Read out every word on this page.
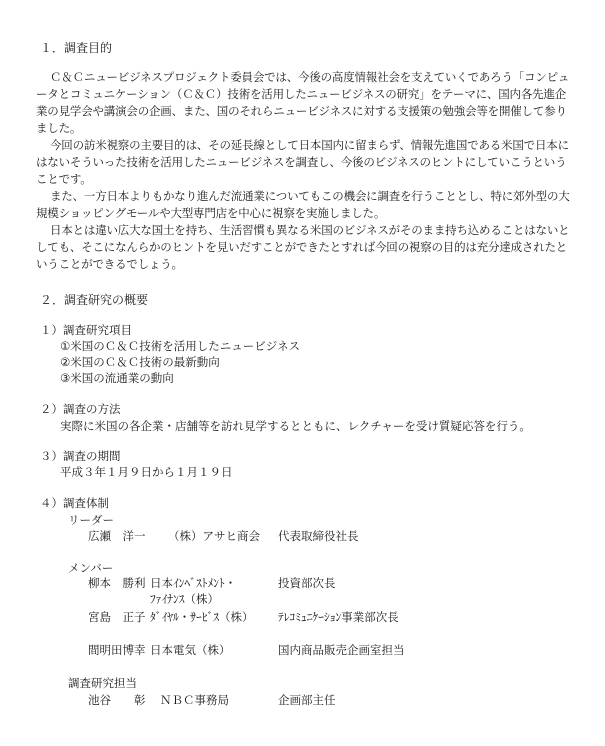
１．調査目的
Ｃ＆Ｃニュービジネスプロジェクト委員会では、今後の高度情報社会を支えていくであろう「コンピュータとコミュニケーション（Ｃ＆Ｃ）技術を活用したニュービジネスの研究」をテーマに、国内各先進企業の見学会や講演会の企画、また、国のそれらニュービジネスに対する支援策の勉強会等を開催して参りました。
今回の訪米視察の主要目的は、その延長線として日本国内に留まらず、情報先進国である米国で日本にはないそういった技術を活用したニュービジネスを調査し、今後のビジネスのヒントにしていこうということです。
また、一方日本よりもかなり進んだ流通業についてもこの機会に調査を行うこととし、特に郊外型の大規模ショッピングモールや大型専門店を中心に視察を実施しました。
日本とは違い広大な国土を持ち、生活習慣も異なる米国のビジネスがそのまま持ち込めることはないとしても、そこになんらかのヒントを見いだすことができたとすれば今回の視察の目的は充分達成されたということができるでしょう。
２．調査研究の概要
１）調査研究項目
①米国のＣ＆Ｃ技術を活用したニュービジネス
②米国のＣ＆Ｃ技術の最新動向
③米国の流通業の動向
２）調査の方法
実際に米国の各企業・店舗等を訪れ見学するとともに、レクチャーを受け質疑応答を行う。
３）調査の期間
平成３年１月９日から１月１９日
４）調査体制
リーダー
広瀬　洋一 （株）アサヒ商会 代表取締役社長
メンバー
柳本　勝利 日本ｲﾝﾍﾞｽﾄﾒﾝﾄ・	投資部次長
ﾌｧｲﾅﾝｽ（株）
宮島　正子 ﾀﾞｲﾔﾙ・ｻｰﾋﾞｽ（株） ﾃﾚｺﾐｭﾆｹｰｼｮﾝ事業部次長
間明田博幸 日本電気（株）	国内商品販売企画室担当
調査研究担当
池谷　　彰 ＮＢＣ事務局	企画部主任
